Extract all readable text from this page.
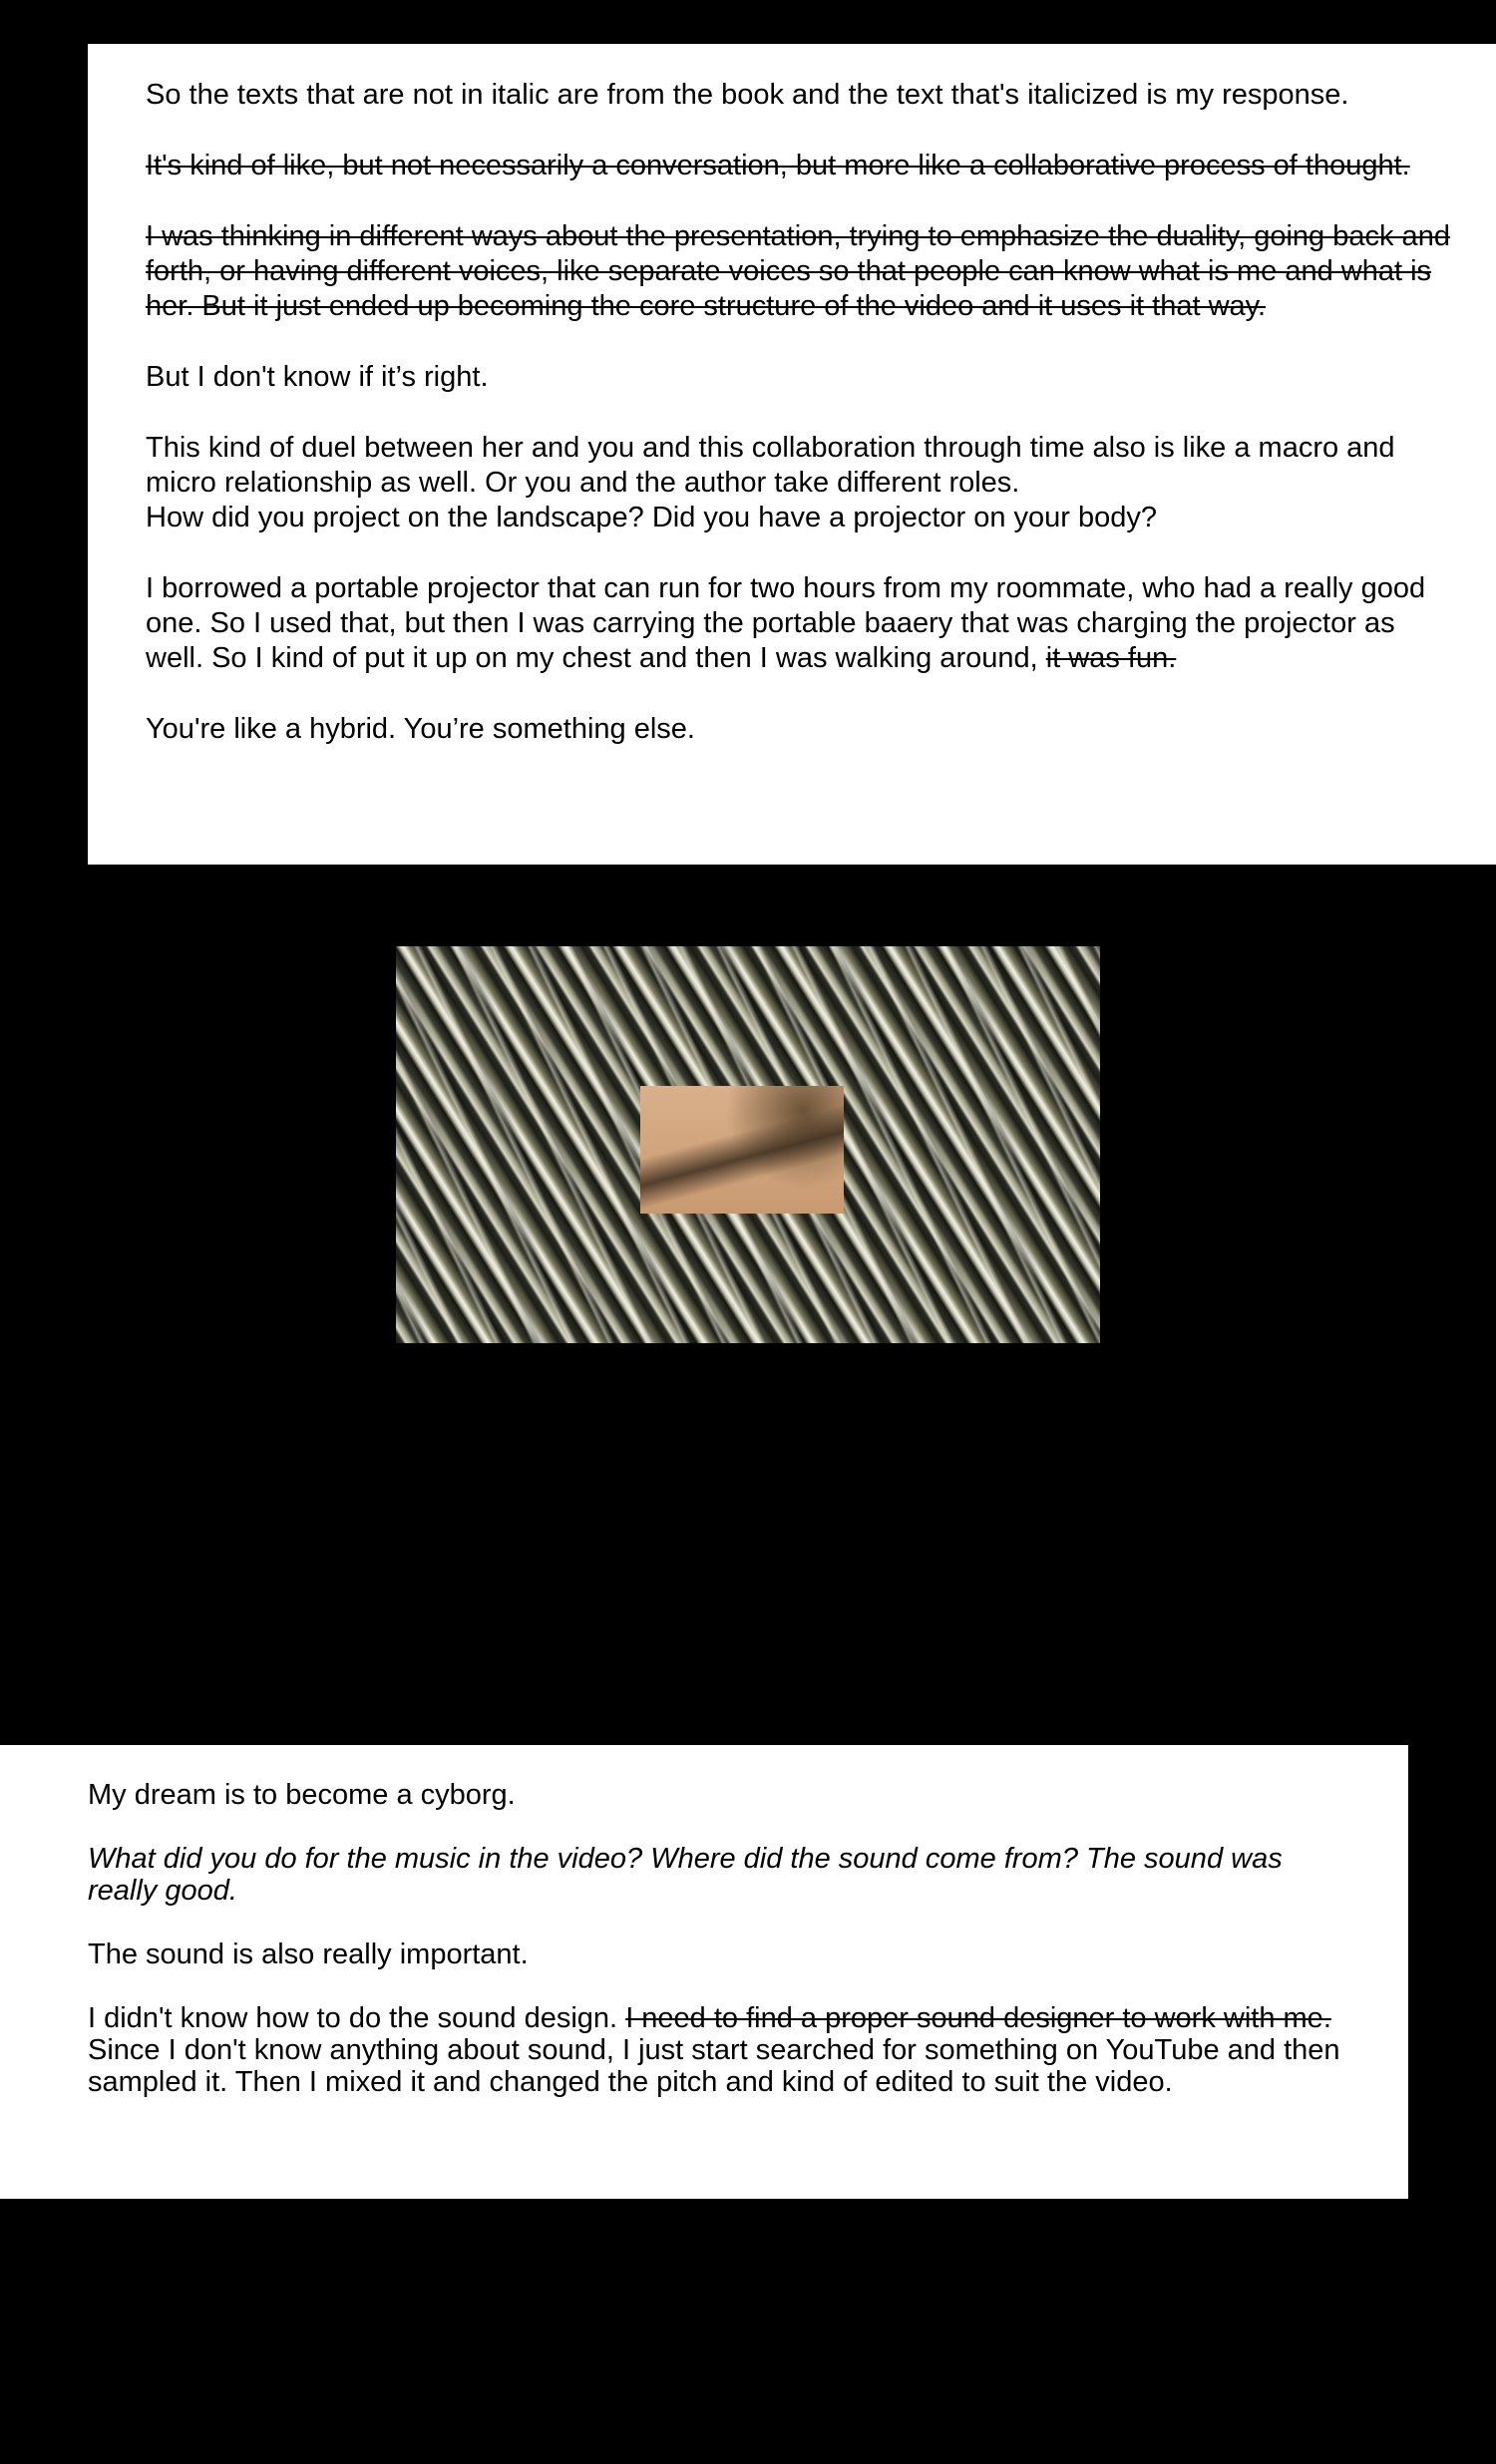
So the texts that are not in italic are from the book and the text that's italicized is my response.

It's kind of like, but not necessarily a conversation, but more like a collaborative process of thought.

I was thinking in different ways about the presentation, trying to emphasize the duality, going back and forth, or having different voices, like separate voices so that people can know what is me and what is her. But it just ended up becoming the core structure of the video and it uses it that way.

But I don't know if it’s right.

This kind of duel between her and you and this collaboration through time also is like a macro and micro relationship as well. Or you and the author take different roles.
How did you project on the landscape? Did you have a projector on your body?

I borrowed a portable projector that can run for two hours from my roommate, who had a really good one. So I used that, but then I was carrying the portable baaery that was charging the projector as well. So I kind of put it up on my chest and then I was walking around, it was fun.

You're like a hybrid. You’re something else.

My dream is to become a cyborg.

What did you do for the music in the video? Where did the sound come from? The sound was really good.

The sound is also really important.

I didn't know how to do the sound design. I need to find a proper sound designer to work with me. Since I don't know anything about sound, I just start searched for something on YouTube and then sampled it. Then I mixed it and changed the pitch and kind of edited to suit the video.
